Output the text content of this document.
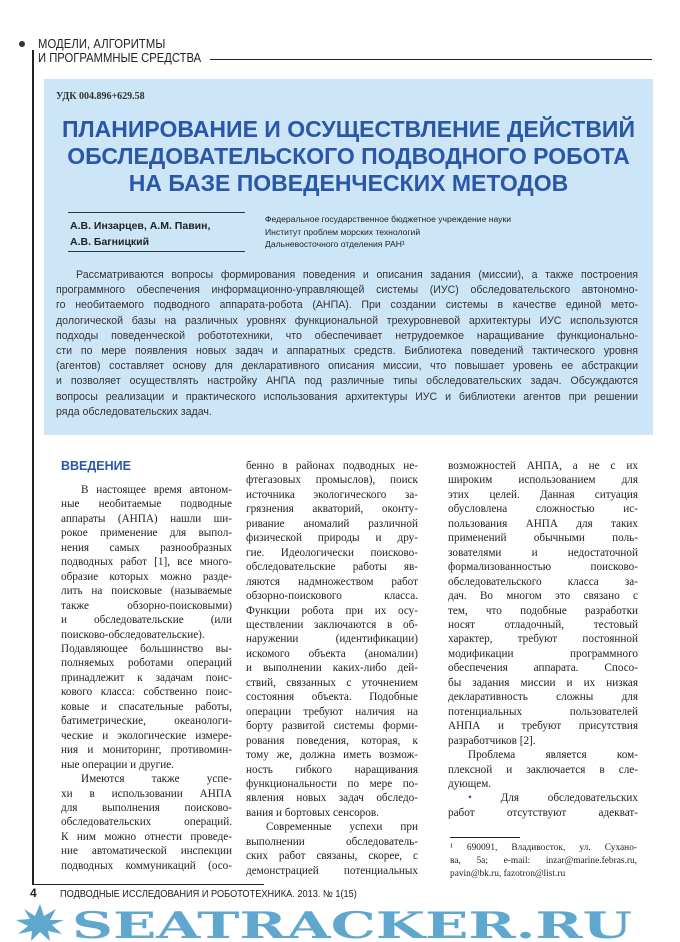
МОДЕЛИ, АЛГОРИТМЫ
И ПРОГРАММНЫЕ СРЕДСТВА
УДК 004.896+629.58
ПЛАНИРОВАНИЕ И ОСУЩЕСТВЛЕНИЕ ДЕЙСТВИЙ
ОБСЛЕДОВАТЕЛЬСКОГО ПОДВОДНОГО РОБОТА
НА БАЗЕ ПОВЕДЕНЧЕСКИХ МЕТОДОВ
А.В. Инзарцев, А.М. Павин,
А.В. Багницкий
Федеральное государственное бюджетное учреждение науки
Институт проблем морских технологий
Дальневосточного отделения РАН¹
Рассматриваются вопросы формирования поведения и описания задания (миссии), а также построения
программного обеспечения информационно-управляющей системы (ИУС) обследовательского автономно-
го необитаемого подводного аппарата-робота (АНПА). При создании системы в качестве единой мето-
дологической базы на различных уровнях функциональной трехуровневой архитектуры ИУС используются
подходы поведенческой робототехники, что обеспечивает нетрудоемкое наращивание функционально-
сти по мере появления новых задач и аппаратных средств. Библиотека поведений тактического уровня
(агентов) составляет основу для декларативного описания миссии, что повышает уровень ее абстракции
и позволяет осуществлять настройку АНПА под различные типы обследовательских задач. Обсуждаются
вопросы реализации и практического использования архитектуры ИУС и библиотеки агентов при решении
ряда обследовательских задач.
ВВЕДЕНИЕ
В настоящее время автоном-
ные необитаемые подводные
аппараты (АНПА) нашли ши-
рокое применение для выпол-
нения самых разнообразных
подводных работ [1], все много-
образие которых можно разде-
лить на поисковые (называемые
также обзорно-поисковыми)
и обследовательские (или
поисково-обследовательские).
Подавляющее большинство вы-
полняемых роботами операций
принадлежит к задачам поис-
кового класса: собственно поис-
ковые и спасательные работы,
батиметрические, океанологи-
ческие и экологические измере-
ния и мониторинг, противомин-
ные операции и другие.
Имеются также успе-
хи в использовании АНПА
для выполнения поисково-
обследовательских операций.
К ним можно отнести проведе-
ние автоматической инспекции
подводных коммуникаций (осо-
бенно в районах подводных не-
фтегазовых промыслов), поиск
источника экологического за-
грязнения акваторий, оконту-
ривание аномалий различной
физической природы и дру-
гие. Идеологически поисково-
обследовательские работы яв-
ляются надмножеством работ
обзорно-поискового класса.
Функции робота при их осу-
ществлении заключаются в об-
наружении (идентификации)
искомого объекта (аномалии)
и выполнении каких-либо дей-
ствий, связанных с уточнением
состояния объекта. Подобные
операции требуют наличия на
борту развитой системы форми-
рования поведения, которая, к
тому же, должна иметь возмож-
ность гибкого наращивания
функциональности по мере по-
явления новых задач обследо-
вания и бортовых сенсоров.
Современные успехи при
выполнении обследователь-
ских работ связаны, скорее, с
демонстрацией потенциальных
возможностей АНПА, а не с их
широким использованием для
этих целей. Данная ситуация
обусловлена сложностью ис-
пользования АНПА для таких
применений обычными поль-
зователями и недостаточной
формализованностью поисково-
обследовательского класса за-
дач. Во многом это связано с
тем, что подобные разработки
носят отладочный, тестовый
характер, требуют постоянной
модификации программного
обеспечения аппарата. Спосо-
бы задания миссии и их низкая
декларативность сложны для
потенциальных пользователей
АНПА и требуют присутствия
разработчиков [2].
Проблема является ком-
плексной и заключается в сле-
дующем.
•	Для обследовательских
работ отсутствуют адекват-
¹ 690091, Владивосток, ул. Сухано-
ва, 5а; e-mail: inzar@marine.febras.ru,
pavin@bk.ru, fazotron@list.ru
4 ПОДВОДНЫЕ ИССЛЕДОВАНИЯ И РОБОТОТЕХНИКА. 2013. № 1(15)
SEATRACKER.RU
